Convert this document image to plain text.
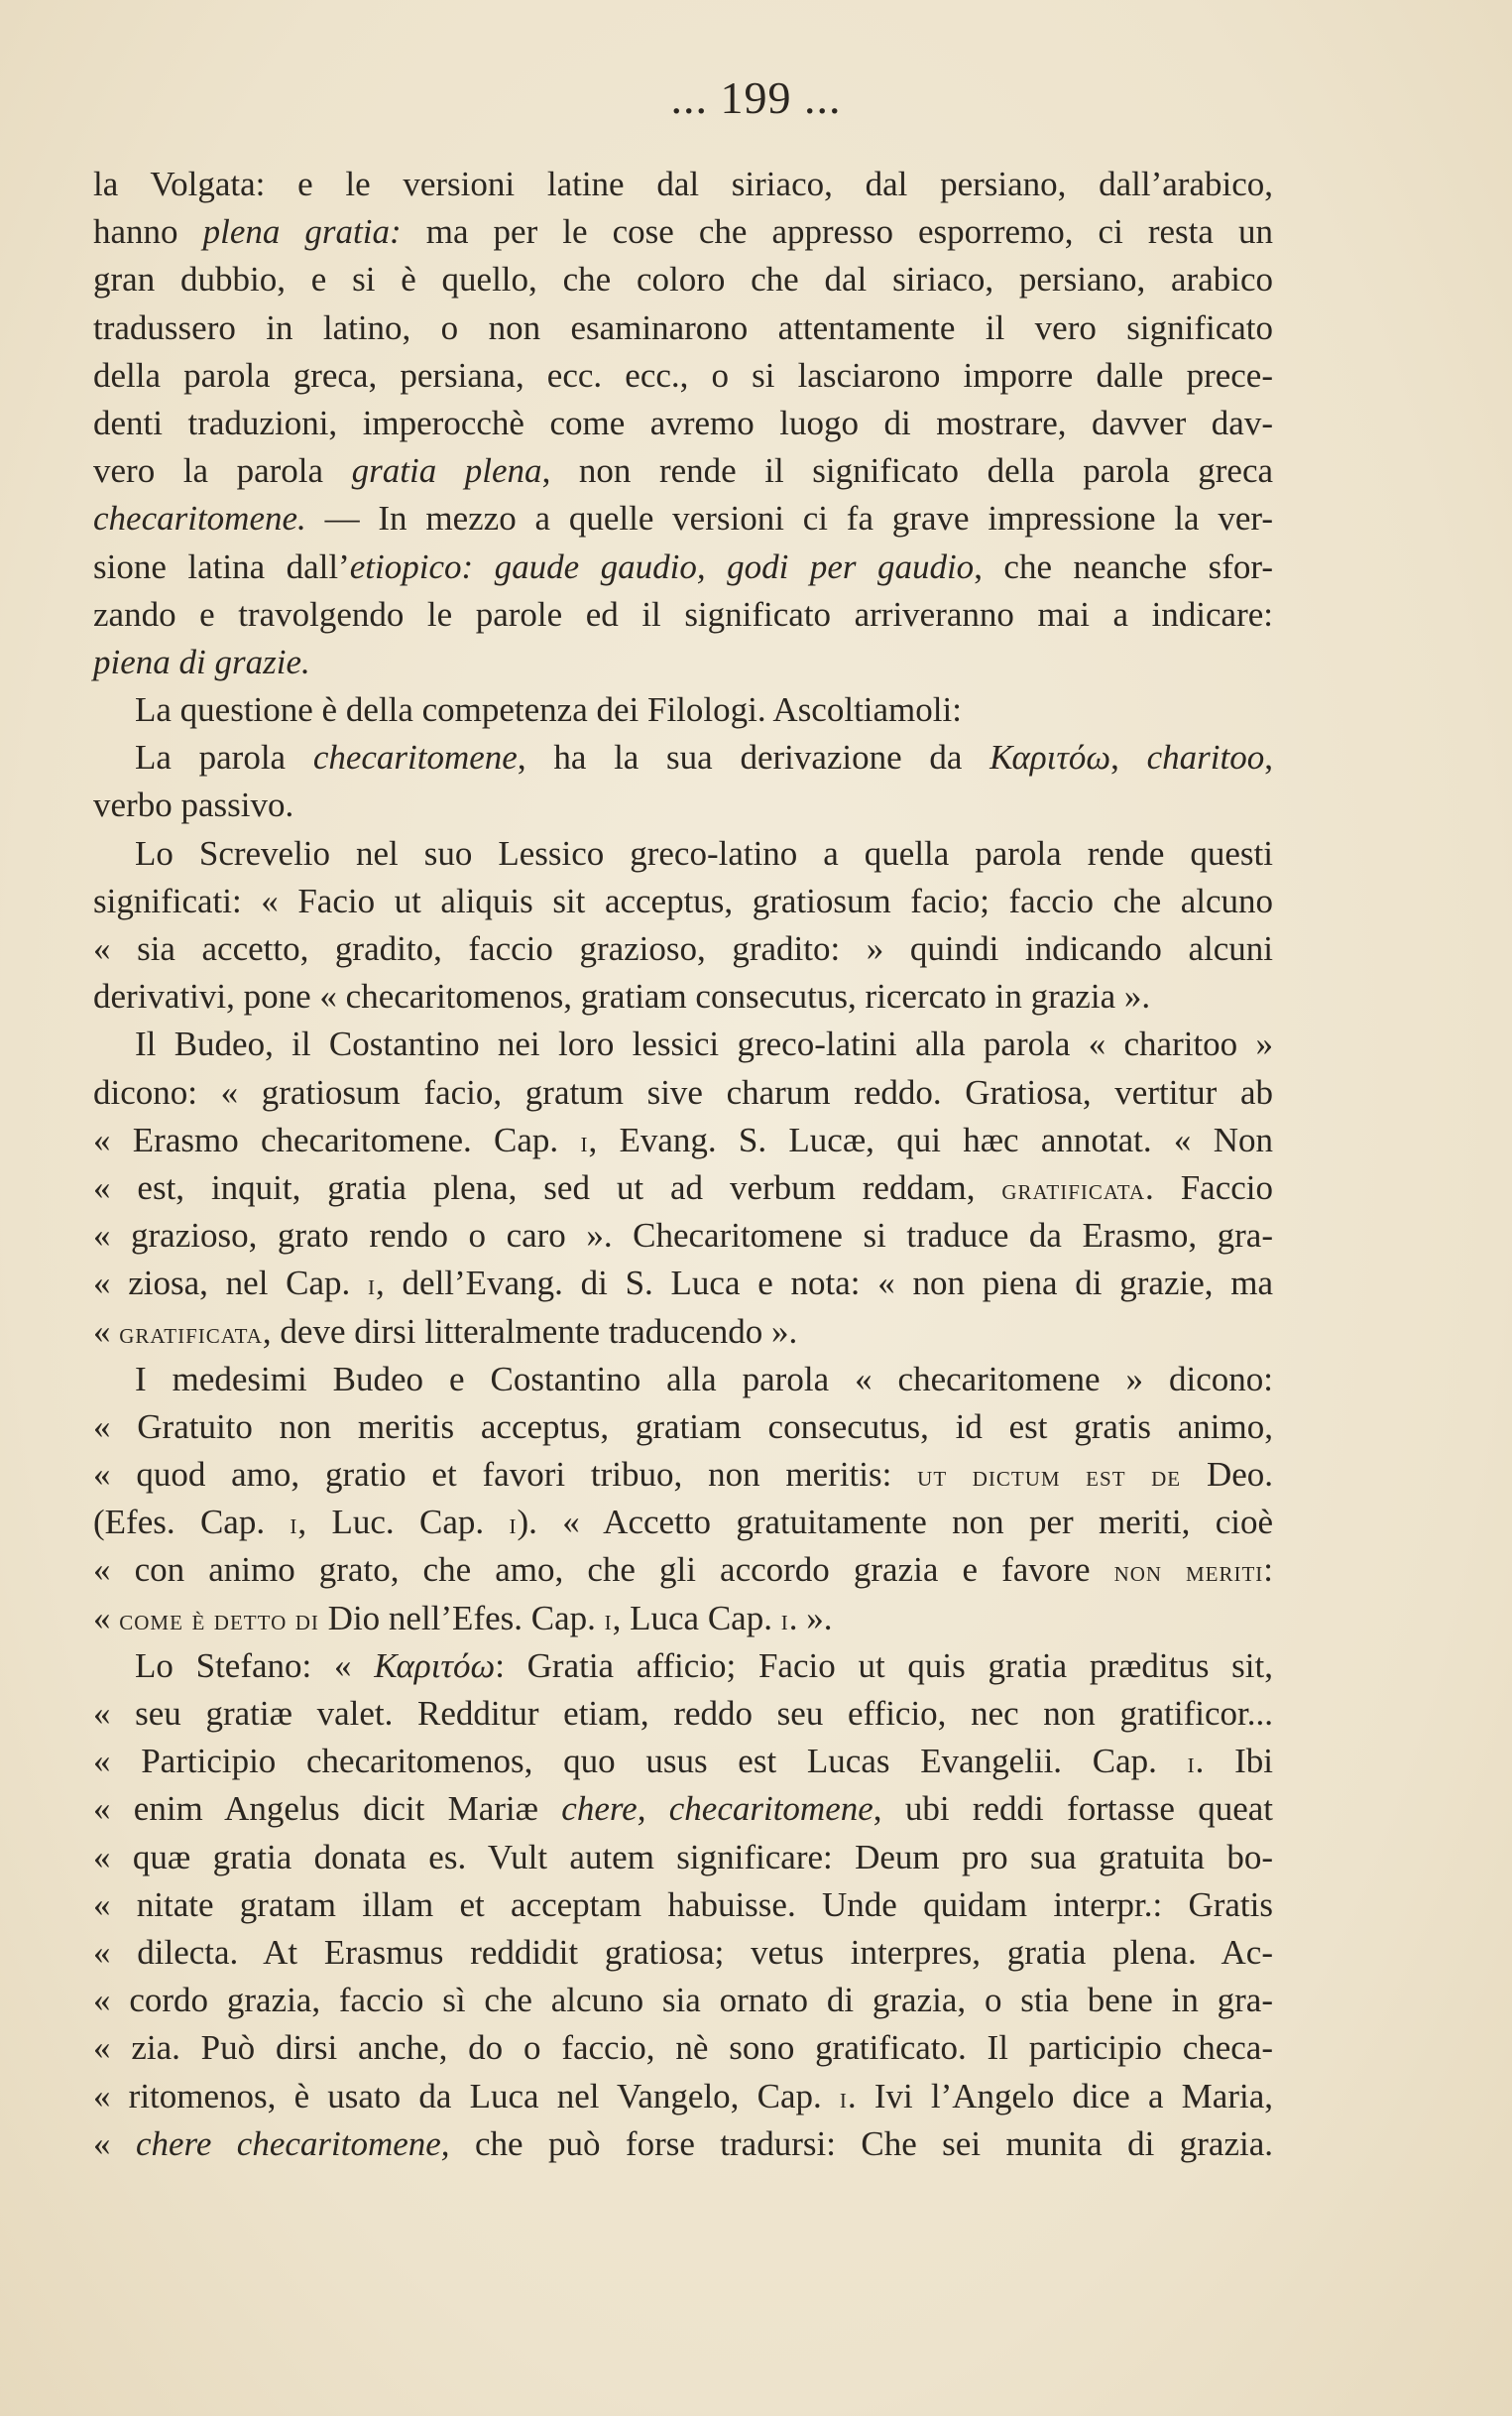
... 199 ...
la Volgata: e le versioni latine dal siriaco, dal persiano, dall’arabico,
hanno plena gratia: ma per le cose che appresso esporremo, ci resta un
gran dubbio, e si è quello, che coloro che dal siriaco, persiano, arabico
tradussero in latino, o non esaminarono attentamente il vero significato
della parola greca, persiana, ecc. ecc., o si lasciarono imporre dalle prece-
denti traduzioni, imperocchè come avremo luogo di mostrare, davver dav-
vero la parola gratia plena, non rende il significato della parola greca
checaritomene. — In mezzo a quelle versioni ci fa grave impressione la ver-
sione latina dall’etiopico: gaude gaudio, godi per gaudio, che neanche sfor-
zando e travolgendo le parole ed il significato arriveranno mai a indicare:
piena di grazie.
La questione è della competenza dei Filologi. Ascoltiamoli:
La parola checaritomene, ha la sua derivazione da Καριτόω, charitoo,
verbo passivo.
Lo Screvelio nel suo Lessico greco-latino a quella parola rende questi
significati: « Facio ut aliquis sit acceptus, gratiosum facio; faccio che alcuno
« sia accetto, gradito, faccio grazioso, gradito: » quindi indicando alcuni
derivativi, pone « checaritomenos, gratiam consecutus, ricercato in grazia ».
Il Budeo, il Costantino nei loro lessici greco-latini alla parola « charitoo »
dicono: « gratiosum facio, gratum sive charum reddo. Gratiosa, vertitur ab
« Erasmo checaritomene. Cap. i, Evang. S. Lucæ, qui hæc annotat. « Non
« est, inquit, gratia plena, sed ut ad verbum reddam, gratificata. Faccio
« grazioso, grato rendo o caro ». Checaritomene si traduce da Erasmo, gra-
« ziosa, nel Cap. i, dell’Evang. di S. Luca e nota: « non piena di grazie, ma
« gratificata, deve dirsi litteralmente traducendo ».
I medesimi Budeo e Costantino alla parola « checaritomene » dicono:
« Gratuito non meritis acceptus, gratiam consecutus, id est gratis animo,
« quod amo, gratio et favori tribuo, non meritis: ut dictum est de Deo.
(Efes. Cap. i, Luc. Cap. i). « Accetto gratuitamente non per meriti, cioè
« con animo grato, che amo, che gli accordo grazia e favore non meriti:
« come è detto di Dio nell’Efes. Cap. i, Luca Cap. i. ».
Lo Stefano: « Καριτόω: Gratia afficio; Facio ut quis gratia præditus sit,
« seu gratiæ valet. Redditur etiam, reddo seu efficio, nec non gratificor...
« Participio checaritomenos, quo usus est Lucas Evangelii. Cap. i. Ibi
« enim Angelus dicit Mariæ chere, checaritomene, ubi reddi fortasse queat
« quæ gratia donata es. Vult autem significare: Deum pro sua gratuita bo-
« nitate gratam illam et acceptam habuisse. Unde quidam interpr.: Gratis
« dilecta. At Erasmus reddidit gratiosa; vetus interpres, gratia plena. Ac-
« cordo grazia, faccio sì che alcuno sia ornato di grazia, o stia bene in gra-
« zia. Può dirsi anche, do o faccio, nè sono gratificato. Il participio checa-
« ritomenos, è usato da Luca nel Vangelo, Cap. i. Ivi l’Angelo dice a Maria,
« chere checaritomene, che può forse tradursi: Che sei munita di grazia.
